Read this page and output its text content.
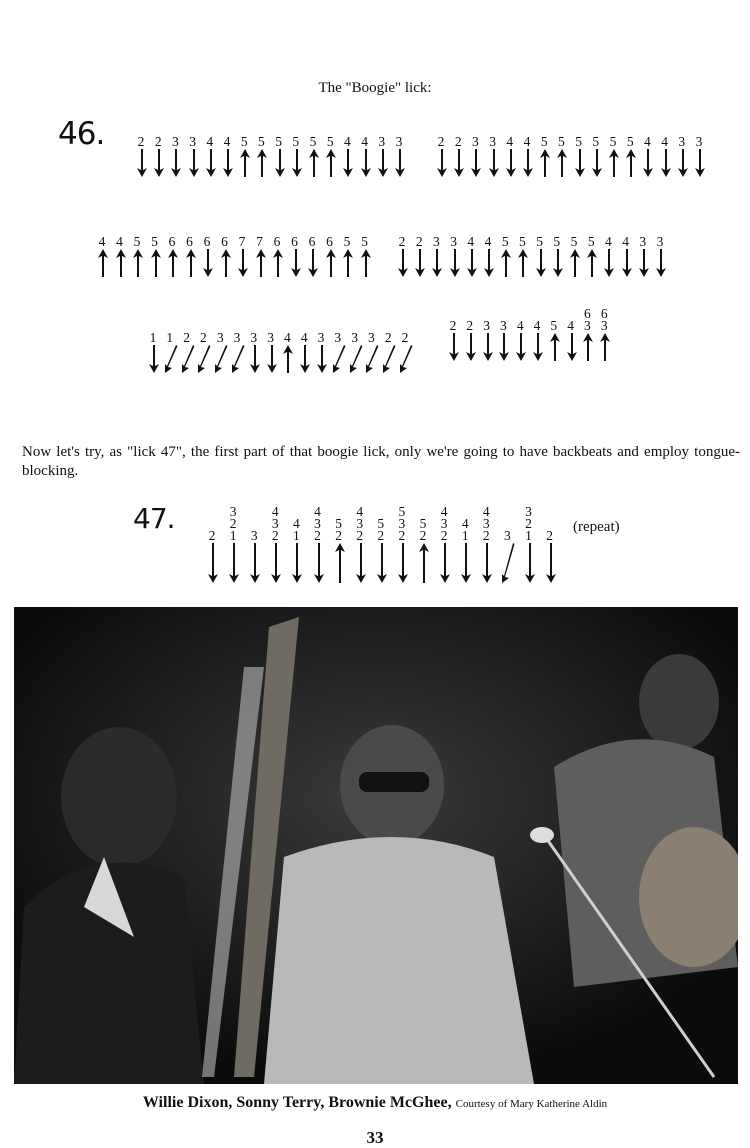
The "Boogie" lick:
46. 2 2 3 3 4 4 5 5 5 5 5 5 4 4 3 3	2 2 3 3 4 4 5 5 5 5 5 5 4 4 3 3
4 4 5 5 6 6 6 6 7 7 6 6 6 6 5 5 2 2 3 3 4 4 5 5 5 5 5 5 4 4 3 3
1 1 2 2 3 3 3 3 4 4 3 3 3 3 2 2
2 2 3 3 4 4 5 4
6
3
6
3
Now let's try, as "lick 47", the first part of that boogie lick, only we're going to have backbeats and employ tongue-blocking.
47.
2
3
2
1 3
4
3
2
4
1
4
3
2
5
2
4
3
2
5
2
5
3
2
5
2
4
3
2
4
1
4
3
2 3
3
2
1 2
(repeat)
Willie Dixon, Sonny Terry, Brownie McGhee, Courtesy of Mary Katherine Aldin
33
